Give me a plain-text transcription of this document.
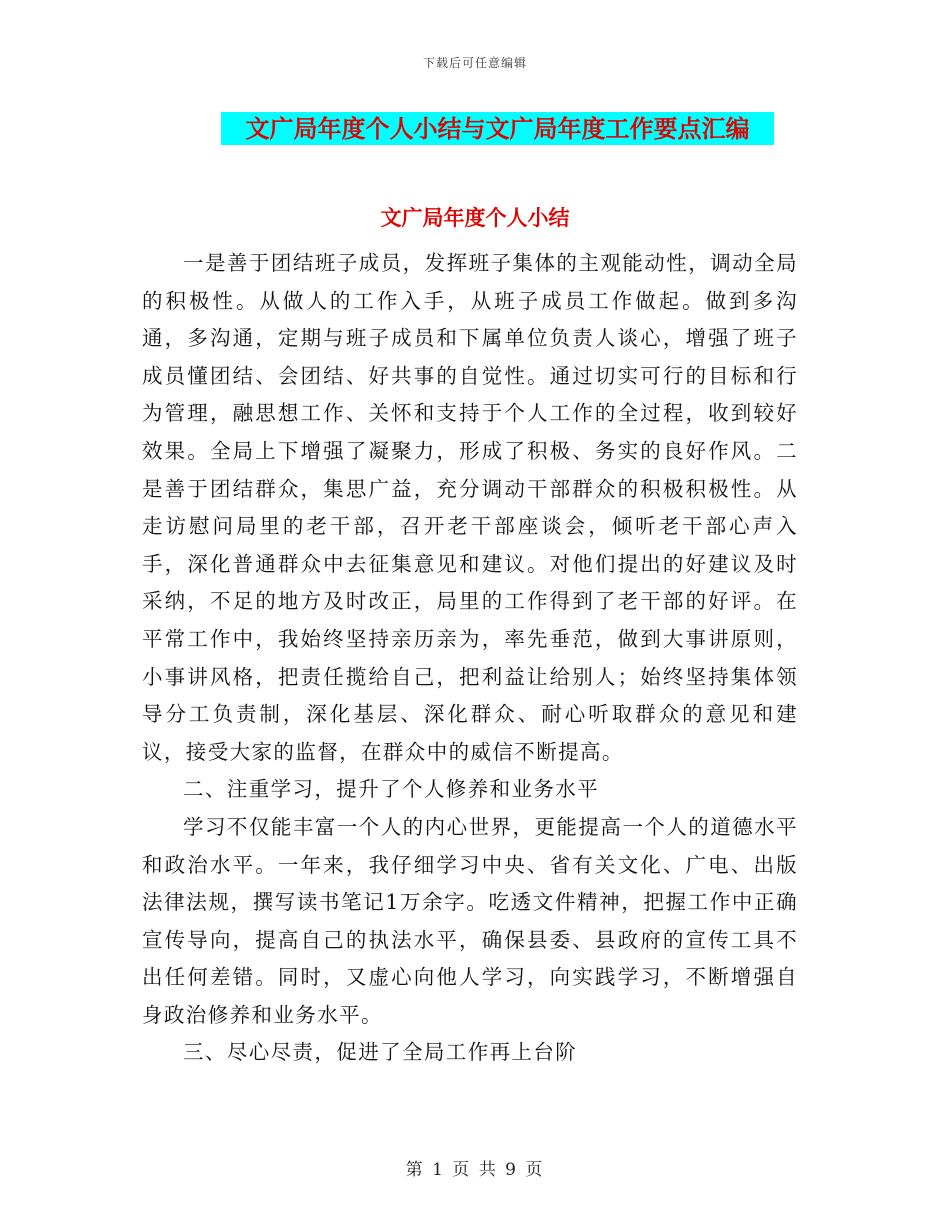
下载后可任意编辑
文广局年度个人小结与文广局年度工作要点汇编
文广局年度个人小结

一是善于团结班子成员，发挥班子集体的主观能动性，调动全局的积极性。从做人的工作入手，从班子成员工作做起。做到多沟通，多沟通，定期与班子成员和下属单位负责人谈心，增强了班子成员懂团结、会团结、好共事的自觉性。通过切实可行的目标和行为管理，融思想工作、关怀和支持于个人工作的全过程，收到较好效果。全局上下增强了凝聚力，形成了积极、务实的良好作风。二是善于团结群众，集思广益，充分调动干部群众的积极积极性。从走访慰问局里的老干部，召开老干部座谈会，倾听老干部心声入手，深化普通群众中去征集意见和建议。对他们提出的好建议及时采纳，不足的地方及时改正，局里的工作得到了老干部的好评。在平常工作中，我始终坚持亲历亲为，率先垂范，做到大事讲原则，小事讲风格，把责任揽给自己，把利益让给别人；始终坚持集体领导分工负责制，深化基层、深化群众、耐心听取群众的意见和建议，接受大家的监督，在群众中的威信不断提高。

二、注重学习，提升了个人修养和业务水平

学习不仅能丰富一个人的内心世界，更能提高一个人的道德水平和政治水平。一年来，我仔细学习中央、省有关文化、广电、出版法律法规，撰写读书笔记1万余字。吃透文件精神，把握工作中正确宣传导向，提高自己的执法水平，确保县委、县政府的宣传工具不出任何差错。同时，又虚心向他人学习，向实践学习，不断增强自身政治修养和业务水平。

三、尽心尽责，促进了全局工作再上台阶

第 1 页 共 9 页
